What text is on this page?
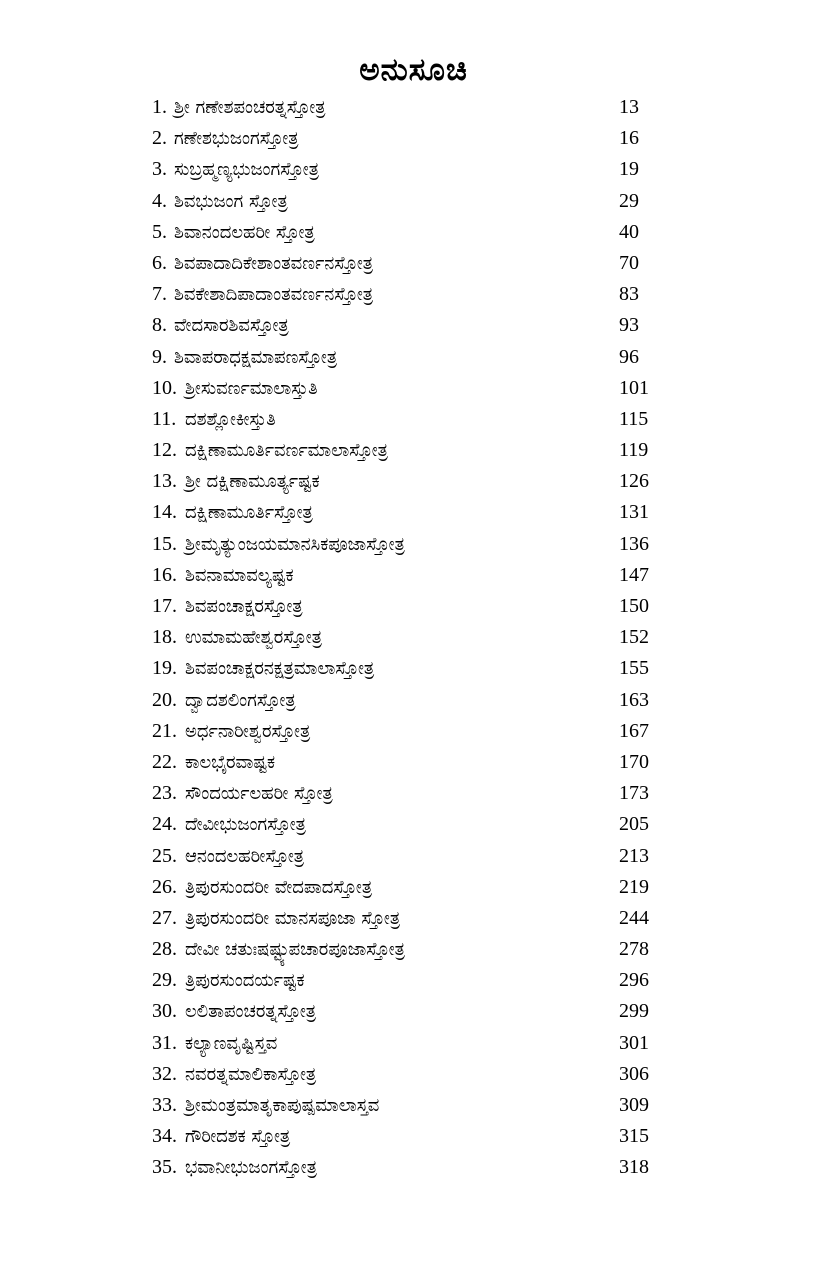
ಅನುಸೂಚಿ
1. ಶ್ರೀ ಗಣೇಶಪಂಚರತ್ನಸ್ತೋತ್ರ	13
2. ಗಣೇಶಭುಜಂಗಸ್ತೋತ್ರ	16
3. ಸುಬ್ರಹ್ಮಣ್ಯಭುಜಂಗಸ್ತೋತ್ರ	19
4. ಶಿವಭುಜಂಗ ಸ್ತೋತ್ರ	29
5. ಶಿವಾನಂದಲಹರೀ ಸ್ತೋತ್ರ	40
6. ಶಿವಪಾದಾದಿಕೇಶಾಂತವರ್ಣನಸ್ತೋತ್ರ	70
7. ಶಿವಕೇಶಾದಿಪಾದಾಂತವರ್ಣನಸ್ತೋತ್ರ	83
8. ವೇದಸಾರಶಿವಸ್ತೋತ್ರ	93
9. ಶಿವಾಪರಾಧಕ್ಷಮಾಪಣಸ್ತೋತ್ರ	96
10. ಶ್ರೀಸುವರ್ಣಮಾಲಾಸ್ತುತಿ	101
11. ದಶಶ್ಲೋಕೀಸ್ತುತಿ	115
12. ದಕ್ಷಿಣಾಮೂರ್ತಿವರ್ಣಮಾಲಾಸ್ತೋತ್ರ	119
13. ಶ್ರೀ ದಕ್ಷಿಣಾಮೂರ್ತ್ಯಷ್ಟಕ	126
14. ದಕ್ಷಿಣಾಮೂರ್ತಿಸ್ತೋತ್ರ	131
15. ಶ್ರೀಮೃತ್ಯುಂಜಯಮಾನಸಿಕಪೂಜಾಸ್ತೋತ್ರ	136
16. ಶಿವನಾಮಾವಲ್ಯಷ್ಟಕ	147
17. ಶಿವಪಂಚಾಕ್ಷರಸ್ತೋತ್ರ	150
18. ಉಮಾಮಹೇಶ್ವರಸ್ತೋತ್ರ	152
19. ಶಿವಪಂಚಾಕ್ಷರನಕ್ಷತ್ರಮಾಲಾಸ್ತೋತ್ರ	155
20. ದ್ವಾದಶಲಿಂಗಸ್ತೋತ್ರ	163
21. ಅರ್ಧನಾರೀಶ್ವರಸ್ತೋತ್ರ	167
22. ಕಾಲಭೈರವಾಷ್ಟಕ	170
23. ಸೌಂದರ್ಯಲಹರೀ ಸ್ತೋತ್ರ	173
24. ದೇವೀಭುಜಂಗಸ್ತೋತ್ರ	205
25. ಆನಂದಲಹರೀಸ್ತೋತ್ರ	213
26. ತ್ರಿಪುರಸುಂದರೀ ವೇದಪಾದಸ್ತೋತ್ರ	219
27. ತ್ರಿಪುರಸುಂದರೀ ಮಾನಸಪೂಜಾ ಸ್ತೋತ್ರ	244
28. ದೇವೀ ಚತುಃಷಷ್ಟ್ಯುಪಚಾರಪೂಜಾಸ್ತೋತ್ರ	278
29. ತ್ರಿಪುರಸುಂದರ್ಯಷ್ಟಕ	296
30. ಲಲಿತಾಪಂಚರತ್ನಸ್ತೋತ್ರ	299
31. ಕಲ್ಯಾಣವೃಷ್ಟಿಸ್ತವ	301
32. ನವರತ್ನಮಾಲಿಕಾಸ್ತೋತ್ರ	306
33. ಶ್ರೀಮಂತ್ರಮಾತೃಕಾಪುಷ್ಪಮಾಲಾಸ್ತವ	309
34. ಗೌರೀದಶಕ ಸ್ತೋತ್ರ	315
35. ಭವಾನೀಭುಜಂಗಸ್ತೋತ್ರ	318
